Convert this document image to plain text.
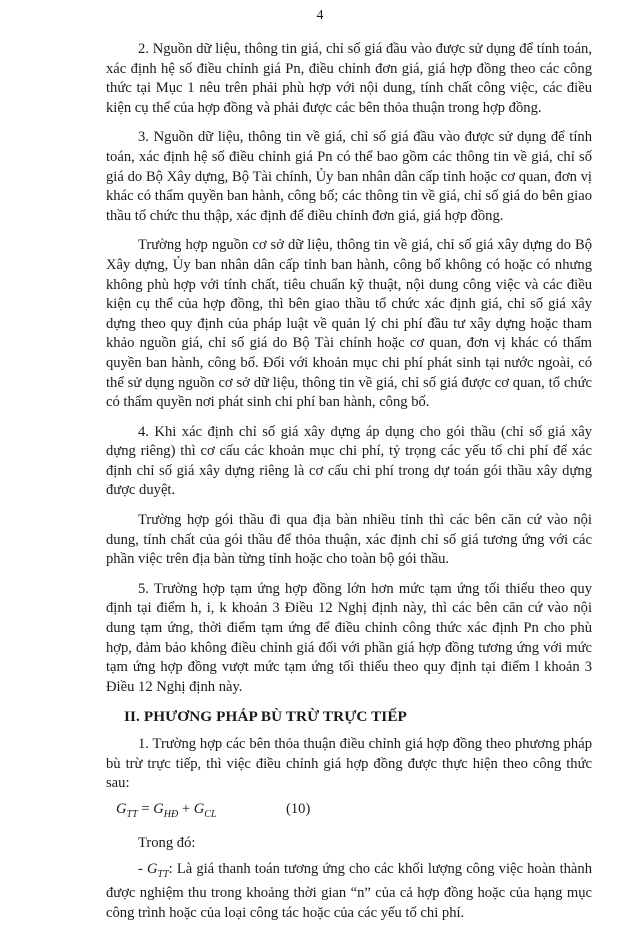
4

2. Nguồn dữ liệu, thông tin giá, chỉ số giá đầu vào được sử dụng để tính toán, xác định hệ số điều chỉnh giá Pn, điều chỉnh đơn giá, giá hợp đồng theo các công thức tại Mục 1 nêu trên phải phù hợp với nội dung, tính chất công việc, các điều kiện cụ thể của hợp đồng và phải được các bên thỏa thuận trong hợp đồng.

3. Nguồn dữ liệu, thông tin về giá, chỉ số giá đầu vào được sử dụng để tính toán, xác định hệ số điều chỉnh giá Pn có thể bao gồm các thông tin về giá, chỉ số giá do Bộ Xây dựng, Bộ Tài chính, Ủy ban nhân dân cấp tỉnh hoặc cơ quan, đơn vị khác có thẩm quyền ban hành, công bố; các thông tin về giá, chỉ số giá do bên giao thầu tổ chức thu thập, xác định để điều chỉnh đơn giá, giá hợp đồng.

Trường hợp nguồn cơ sở dữ liệu, thông tin về giá, chỉ số giá xây dựng do Bộ Xây dựng, Ủy ban nhân dân cấp tỉnh ban hành, công bố không có hoặc có nhưng không phù hợp với tính chất, tiêu chuẩn kỹ thuật, nội dung công việc và các điều kiện cụ thể của hợp đồng, thì bên giao thầu tổ chức xác định giá, chỉ số giá xây dựng theo quy định của pháp luật về quản lý chi phí đầu tư xây dựng hoặc tham khảo nguồn giá, chỉ số giá do Bộ Tài chính hoặc cơ quan, đơn vị khác có thẩm quyền ban hành, công bố. Đối với khoản mục chi phí phát sinh tại nước ngoài, có thể sử dụng nguồn cơ sở dữ liệu, thông tin về giá, chỉ số giá được cơ quan, tổ chức có thẩm quyền nơi phát sinh chi phí ban hành, công bố.

4. Khi xác định chỉ số giá xây dựng áp dụng cho gói thầu (chỉ số giá xây dựng riêng) thì cơ cấu các khoản mục chi phí, tỷ trọng các yếu tố chi phí để xác định chỉ số giá xây dựng riêng là cơ cấu chi phí trong dự toán gói thầu xây dựng được duyệt.

Trường hợp gói thầu đi qua địa bàn nhiều tỉnh thì các bên căn cứ vào nội dung, tính chất của gói thầu để thỏa thuận, xác định chỉ số giá tương ứng với các phần việc trên địa bàn từng tỉnh hoặc cho toàn bộ gói thầu.

5. Trường hợp tạm ứng hợp đồng lớn hơn mức tạm ứng tối thiểu theo quy định tại điểm h, i, k khoản 3 Điều 12 Nghị định này, thì các bên căn cứ vào nội dung tạm ứng, thời điểm tạm ứng để điều chỉnh công thức xác định Pn cho phù hợp, đảm bảo không điều chỉnh giá đối với phần giá hợp đồng tương ứng với mức tạm ứng hợp đồng vượt mức tạm ứng tối thiểu theo quy định tại điểm l khoản 3 Điều 12 Nghị định này.

II. PHƯƠNG PHÁP BÙ TRỪ TRỰC TIẾP

1. Trường hợp các bên thỏa thuận điều chỉnh giá hợp đồng theo phương pháp bù trừ trực tiếp, thì việc điều chỉnh giá hợp đồng được thực hiện theo công thức sau:

$G_{TT} = G_{HĐ} + G_{CL}$	(10)

Trong đó:

- $G_{TT}$: Là giá thanh toán tương ứng cho các khối lượng công việc hoàn thành được nghiệm thu trong khoảng thời gian “n” của cả hợp đồng hoặc của hạng mục công trình hoặc của loại công tác hoặc của các yếu tố chi phí.
